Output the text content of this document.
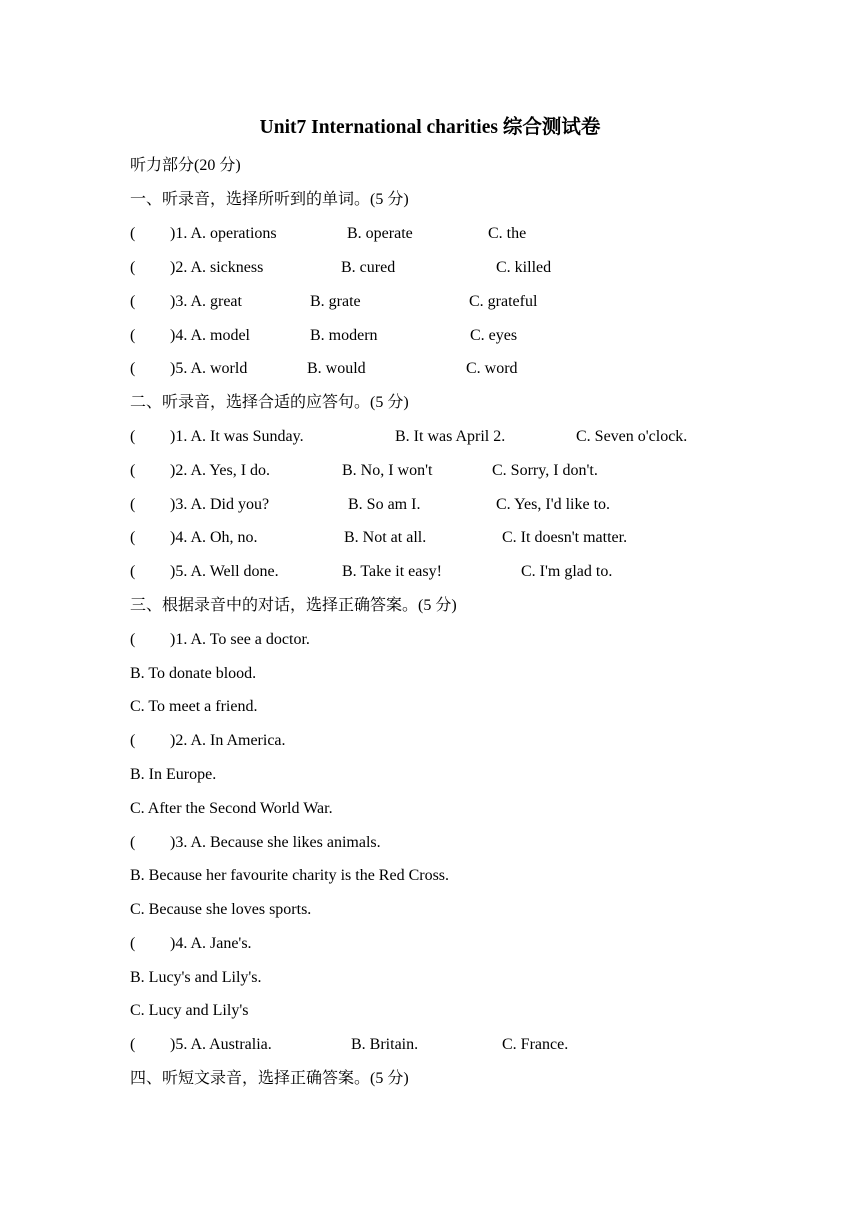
Unit7 International charities 综合测试卷
听力部分(20 分)
一、听录音，选择所听到的单词。(5 分)
( )1. A. operations	B. operate	C. the
( )2. A. sickness	B. cured	C. killed
( )3. A. great	B. grate	C. grateful
( )4. A. model	B. modern	C. eyes
( )5. A. world	B. would	C. word
二、听录音，选择合适的应答句。(5 分)
( )1. A. It was Sunday.	B. It was April 2.	C. Seven o'clock.
( )2. A. Yes, I do.	B. No, I won't	C. Sorry, I don't.
( )3. A. Did you?	B. So am I.	C. Yes, I'd like to.
( )4. A. Oh, no.	B. Not at all.	C. It doesn't matter.
( )5. A. Well done.	B. Take it easy!	C. I'm glad to.
三、根据录音中的对话，选择正确答案。(5 分)
( )1. A. To see a doctor.
B. To donate blood.
C. To meet a friend.
( )2. A. In America.
B. In Europe.
C. After the Second World War.
( )3. A. Because she likes animals.
B. Because her favourite charity is the Red Cross.
C. Because she loves sports.
( )4. A. Jane's.
B. Lucy's and Lily's.
C. Lucy and Lily's
( )5. A. Australia.	B. Britain.	C. France.
四、听短文录音，选择正确答案。(5 分)
